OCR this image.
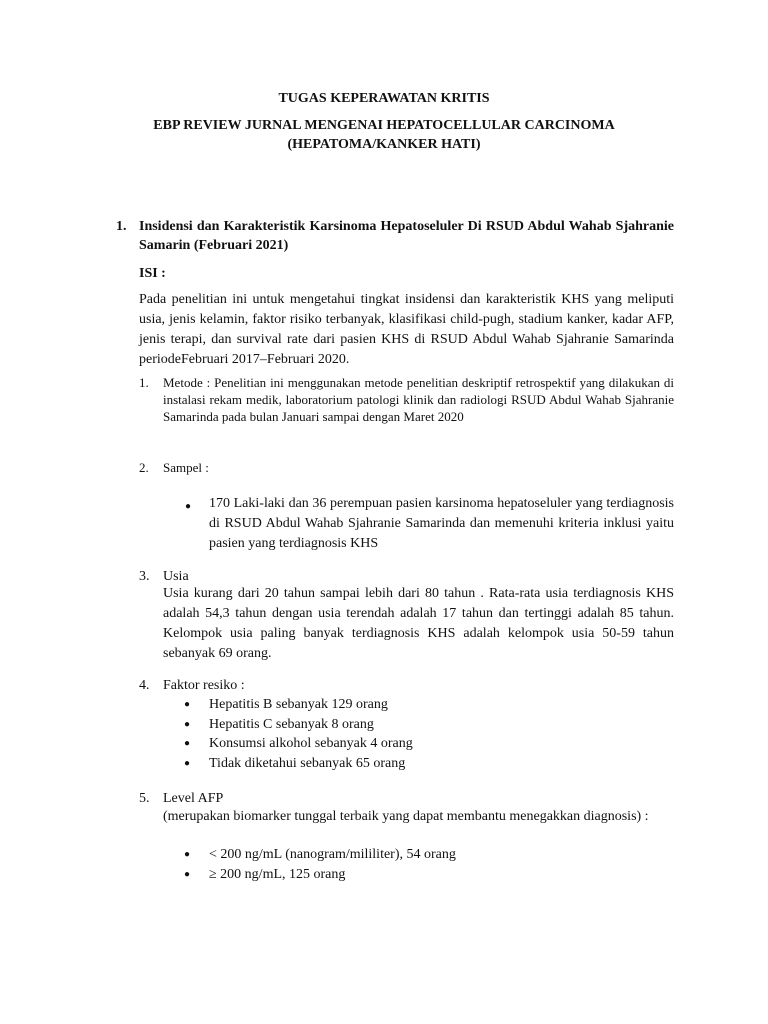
TUGAS KEPERAWATAN KRITIS
EBP REVIEW JURNAL MENGENAI HEPATOCELLULAR CARCINOMA
(HEPATOMA/KANKER HATI)
1. Insidensi dan Karakteristik Karsinoma Hepatoseluler Di RSUD Abdul Wahab Sjahranie Samarin (Februari 2021)
ISI :
Pada penelitian ini untuk mengetahui tingkat insidensi dan karakteristik KHS yang meliputi usia, jenis kelamin, faktor risiko terbanyak, klasifikasi child-pugh, stadium kanker, kadar AFP, jenis terapi, dan survival rate dari pasien KHS di RSUD Abdul Wahab Sjahranie Samarinda periodeFebruari 2017–Februari 2020.
1. Metode : Penelitian ini menggunakan metode penelitian deskriptif retrospektif yang dilakukan di instalasi rekam medik, laboratorium patologi klinik dan radiologi RSUD Abdul Wahab Sjahranie Samarinda pada bulan Januari sampai dengan Maret 2020
2. Sampel :
● 170 Laki-laki dan 36 perempuan pasien karsinoma hepatoseluler yang terdiagnosis di RSUD Abdul Wahab Sjahranie Samarinda dan memenuhi kriteria inklusi yaitu pasien yang terdiagnosis KHS
3. Usia
Usia kurang dari 20 tahun sampai lebih dari 80 tahun . Rata-rata usia terdiagnosis KHS adalah 54,3 tahun dengan usia terendah adalah 17 tahun dan tertinggi adalah 85 tahun. Kelompok usia paling banyak terdiagnosis KHS adalah kelompok usia 50-59 tahun sebanyak 69 orang.
4. Faktor resiko :
● Hepatitis B sebanyak 129 orang
● Hepatitis C sebanyak 8 orang
● Konsumsi alkohol sebanyak 4 orang
● Tidak diketahui sebanyak 65 orang
5. Level AFP
(merupakan biomarker tunggal terbaik yang dapat membantu menegakkan diagnosis) :
● < 200 ng/mL (nanogram/mililiter), 54 orang
● ≥ 200 ng/mL, 125 orang
